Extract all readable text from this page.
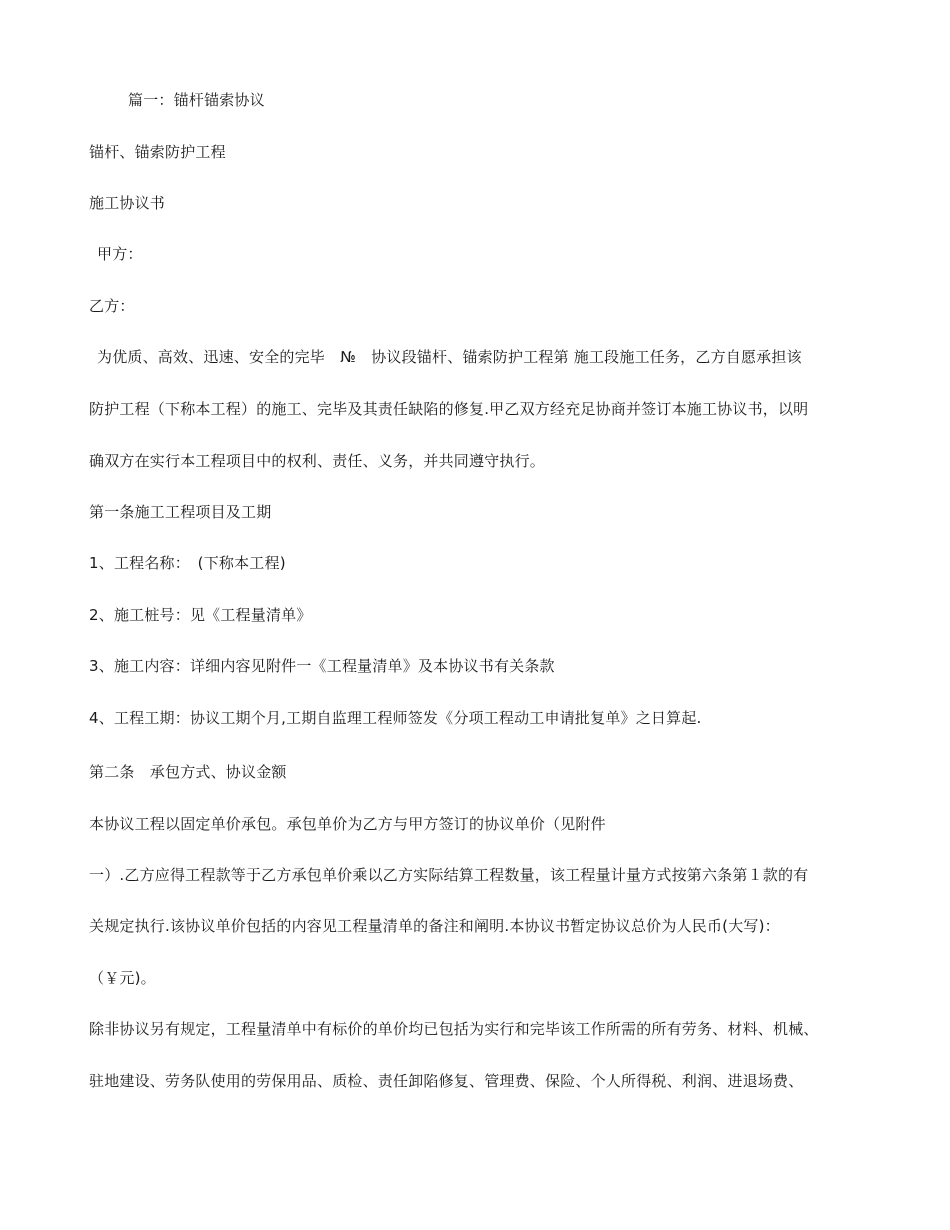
篇一：锚杆锚索协议
锚杆、锚索防护工程
施工协议书
甲方：
乙方：
为优质、高效、迅速、安全的完毕　№　协议段锚杆、锚索防护工程第 施工段施工任务，乙方自愿承担该
防护工程（下称本工程）的施工、完毕及其责任缺陷的修复.甲乙双方经充足协商并签订本施工协议书，以明
确双方在实行本工程项目中的权利、责任、义务，并共同遵守执行。
第一条施工工程项目及工期
1、工程名称：　(下称本工程)
2、施工桩号：见《工程量清单》
3、施工内容：详细内容见附件一《工程量清单》及本协议书有关条款
4、工程工期：协议工期个月,工期自监理工程师签发《分项工程动工申请批复单》之日算起.
第二条　承包方式、协议金额
本协议工程以固定单价承包。承包单价为乙方与甲方签订的协议单价（见附件
一）.乙方应得工程款等于乙方承包单价乘以乙方实际结算工程数量，该工程量计量方式按第六条第１款的有
关规定执行.该协议单价包括的内容见工程量清单的备注和阐明.本协议书暂定协议总价为人民币(大写)：
（￥元)。
除非协议另有规定，工程量清单中有标价的单价均已包括为实行和完毕该工作所需的所有劳务、材料、机械、
驻地建设、劳务队使用的劳保用品、质检、责任卸陷修复、管理费、保险、个人所得税、利润、进退场费、
